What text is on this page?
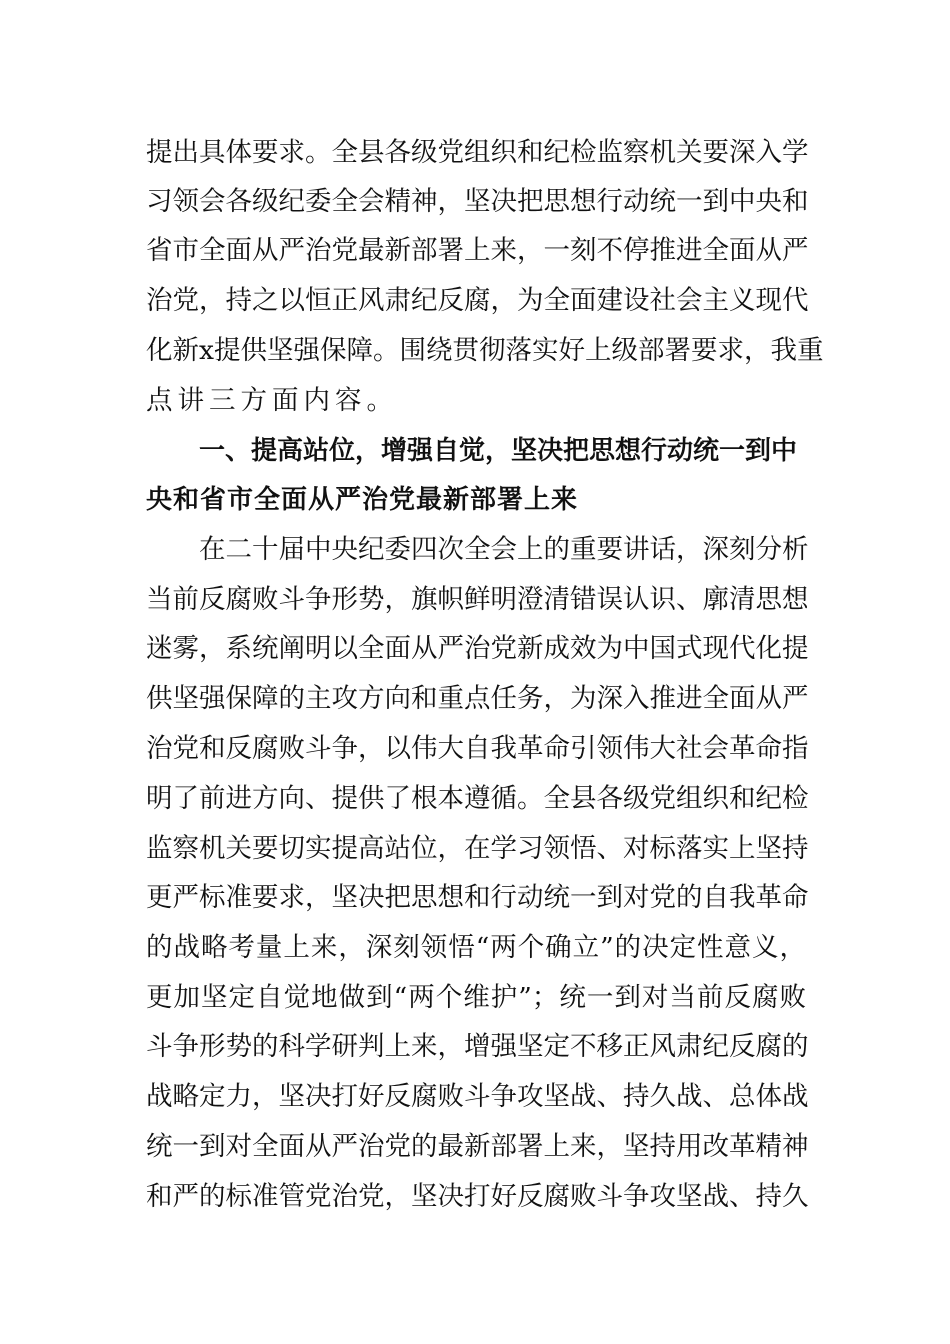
提出具体要求。全县各级党组织和纪检监察机关要深入学
习领会各级纪委全会精神，坚决把思想行动统一到中央和
省市全面从严治党最新部署上来，一刻不停推进全面从严
治党，持之以恒正风肃纪反腐，为全面建设社会主义现代
化新x提供坚强保障。围绕贯彻落实好上级部署要求，我重
点讲三方面内容。
一、提高站位，增强自觉，坚决把思想行动统一到中
央和省市全面从严治党最新部署上来
在二十届中央纪委四次全会上的重要讲话，深刻分析
当前反腐败斗争形势，旗帜鲜明澄清错误认识、廓清思想
迷雾，系统阐明以全面从严治党新成效为中国式现代化提
供坚强保障的主攻方向和重点任务，为深入推进全面从严
治党和反腐败斗争，以伟大自我革命引领伟大社会革命指
明了前进方向、提供了根本遵循。全县各级党组织和纪检
监察机关要切实提高站位，在学习领悟、对标落实上坚持
更严标准要求，坚决把思想和行动统一到对党的自我革命
的战略考量上来，深刻领悟“两个确立”的决定性意义，
更加坚定自觉地做到“两个维护”；统一到对当前反腐败
斗争形势的科学研判上来，增强坚定不移正风肃纪反腐的
战略定力，坚决打好反腐败斗争攻坚战、持久战、总体战
统一到对全面从严治党的最新部署上来，坚持用改革精神
和严的标准管党治党，坚决打好反腐败斗争攻坚战、持久
